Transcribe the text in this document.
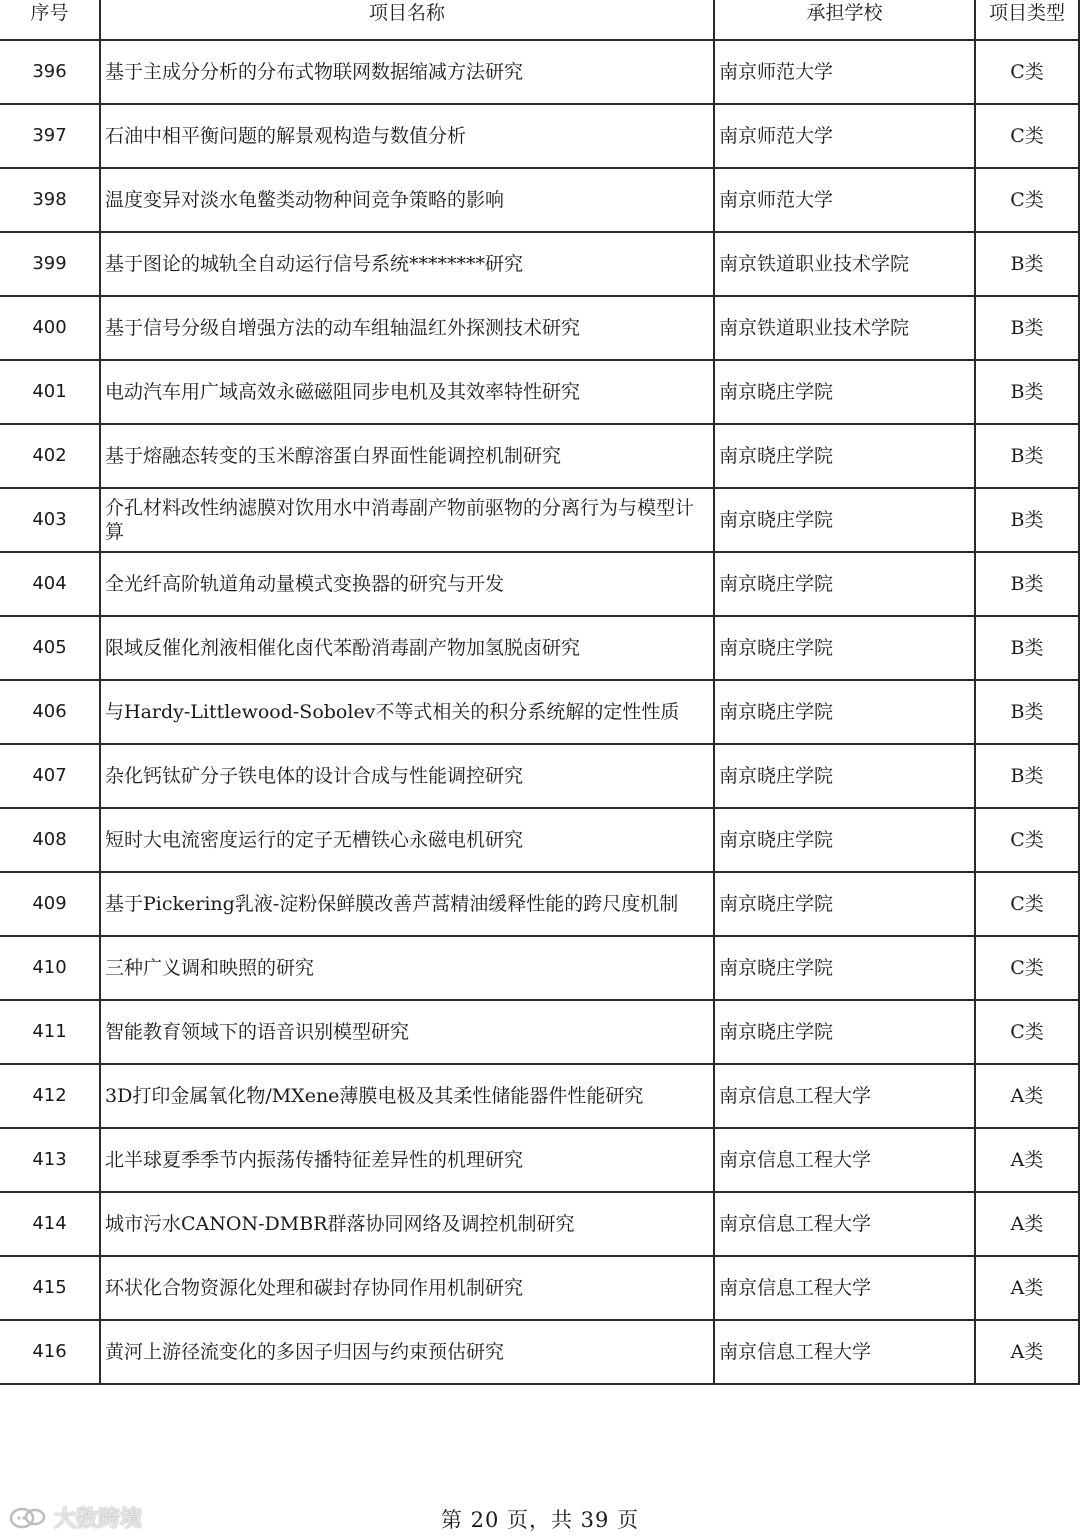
序号	项目名称	承担学校	项目类型
396	基于主成分分析的分布式物联网数据缩减方法研究	南京师范大学	C类
397	石油中相平衡问题的解景观构造与数值分析	南京师范大学	C类
398	温度变异对淡水龟鳖类动物种间竞争策略的影响	南京师范大学	C类
399	基于图论的城轨全自动运行信号系统********研究	南京铁道职业技术学院	B类
400	基于信号分级自增强方法的动车组轴温红外探测技术研究	南京铁道职业技术学院	B类
401	电动汽车用广域高效永磁磁阻同步电机及其效率特性研究	南京晓庄学院	B类
402	基于熔融态转变的玉米醇溶蛋白界面性能调控机制研究	南京晓庄学院	B类
403	介孔材料改性纳滤膜对饮用水中消毒副产物前驱物的分离行为与模型计算	南京晓庄学院	B类
404	全光纤高阶轨道角动量模式变换器的研究与开发	南京晓庄学院	B类
405	限域反催化剂液相催化卤代苯酚消毒副产物加氢脱卤研究	南京晓庄学院	B类
406	与Hardy-Littlewood-Sobolev不等式相关的积分系统解的定性性质	南京晓庄学院	B类
407	杂化钙钛矿分子铁电体的设计合成与性能调控研究	南京晓庄学院	B类
408	短时大电流密度运行的定子无槽铁心永磁电机研究	南京晓庄学院	C类
409	基于Pickering乳液-淀粉保鲜膜改善芦蒿精油缓释性能的跨尺度机制	南京晓庄学院	C类
410	三种广义调和映照的研究	南京晓庄学院	C类
411	智能教育领域下的语音识别模型研究	南京晓庄学院	C类
412	3D打印金属氧化物/MXene薄膜电极及其柔性储能器件性能研究	南京信息工程大学	A类
413	北半球夏季季节内振荡传播特征差异性的机理研究	南京信息工程大学	A类
414	城市污水CANON-DMBR群落协同网络及调控机制研究	南京信息工程大学	A类
415	环状化合物资源化处理和碳封存协同作用机制研究	南京信息工程大学	A类
416	黄河上游径流变化的多因子归因与约束预估研究	南京信息工程大学	A类
大数跨境	第 20 页，共 39 页
